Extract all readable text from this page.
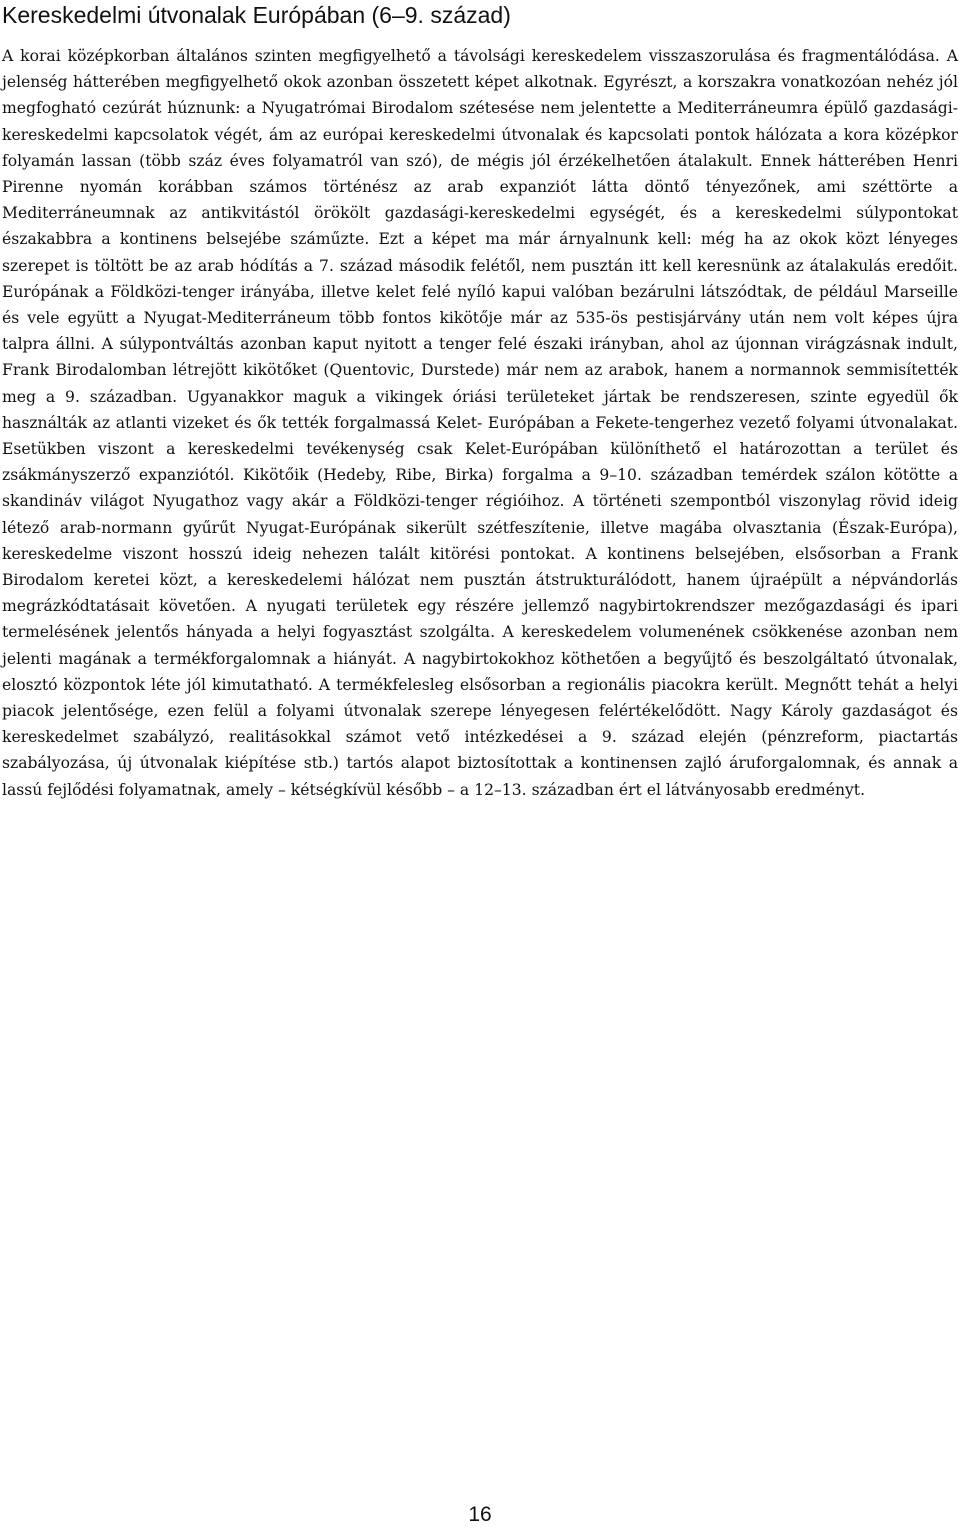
Kereskedelmi útvonalak Európában (6–9. század)

A korai középkorban általános szinten megfigyelhető a távolsági kereskedelem visszaszorulása és fragmentálódása. A jelenség hátterében megfigyelhető okok azonban összetett képet alkotnak. Egyrészt, a korszakra vonatkozóan nehéz jól megfogható cezúrát húznunk: a Nyugatrómai Birodalom szétesése nem jelentette a Mediterráneumra épülő gazdasági-kereskedelmi kapcsolatok végét, ám az európai kereskedelmi útvonalak és kapcsolati pontok hálózata a kora középkor folyamán lassan (több száz éves folyamatról van szó), de mégis jól érzékelhetően átalakult. Ennek hátterében Henri Pirenne nyomán korábban számos történész az arab expanziót látta döntő tényezőnek, ami széttörte a Mediterráneumnak az antikvitástól örökölt gazdasági-kereskedelmi egységét, és a kereskedelmi súlypontokat északabbra a kontinens belsejébe száműzte. Ezt a képet ma már árnyalnunk kell: még ha az okok közt lényeges szerepet is töltött be az arab hódítás a 7. század második felétől, nem pusztán itt kell keresnünk az átalakulás eredőit. Európának a Földközi-tenger irányába, illetve kelet felé nyíló kapui valóban bezárulni látszódtak, de például Marseille és vele együtt a Nyugat-Mediterráneum több fontos kikötője már az 535-ös pestisjárvány után nem volt képes újra talpra állni. A súlypontváltás azonban kaput nyitott a tenger felé északi irányban, ahol az újonnan virágzásnak indult, Frank Birodalomban létrejött kikötőket (Quentovic, Durstede) már nem az arabok, hanem a normannok semmisítették meg a 9. században. Ugyanakkor maguk a vikingek óriási területeket jártak be rendszeresen, szinte egyedül ők használták az atlanti vizeket és ők tették forgalmassá Kelet- Európában a Fekete-tengerhez vezető folyami útvonalakat. Esetükben viszont a kereskedelmi tevékenység csak Kelet-Európában különíthető el határozottan a terület és zsákmányszerző expanziótól. Kikötőik (Hedeby, Ribe, Birka) forgalma a 9–10. században temérdek szálon kötötte a skandináv világot Nyugathoz vagy akár a Földközi-tenger régióihoz. A történeti szempontból viszonylag rövid ideig létező arab-normann gyűrűt Nyugat-Európának sikerült szétfeszítenie, illetve magába olvasztania (Észak-Európa), kereskedelme viszont hosszú ideig nehezen talált kitörési pontokat. A kontinens belsejében, elsősorban a Frank Birodalom keretei közt, a kereskedelemi hálózat nem pusztán átstrukturálódott, hanem újraépült a népvándorlás megrázkódtatásait követően. A nyugati területek egy részére jellemző nagybirtokrendszer mezőgazdasági és ipari termelésének jelentős hányada a helyi fogyasztást szolgálta. A kereskedelem volumenének csökkenése azonban nem jelenti magának a termékforgalomnak a hiányát. A nagybirtokokhoz köthetően a begyűjtő és beszolgáltató útvonalak, elosztó központok léte jól kimutatható. A termékfelesleg elsősorban a regionális piacokra került. Megnőtt tehát a helyi piacok jelentősége, ezen felül a folyami útvonalak szerepe lényegesen felértékelődött. Nagy Károly gazdaságot és kereskedelmet szabályzó, realitásokkal számot vető intézkedései a 9. század elején (pénzreform, piactartás szabályozása, új útvonalak kiépítése stb.) tartós alapot biztosítottak a kontinensen zajló áruforgalomnak, és annak a lassú fejlődési folyamatnak, amely – kétségkívül később – a 12–13. században ért el látványosabb eredményt.

16
